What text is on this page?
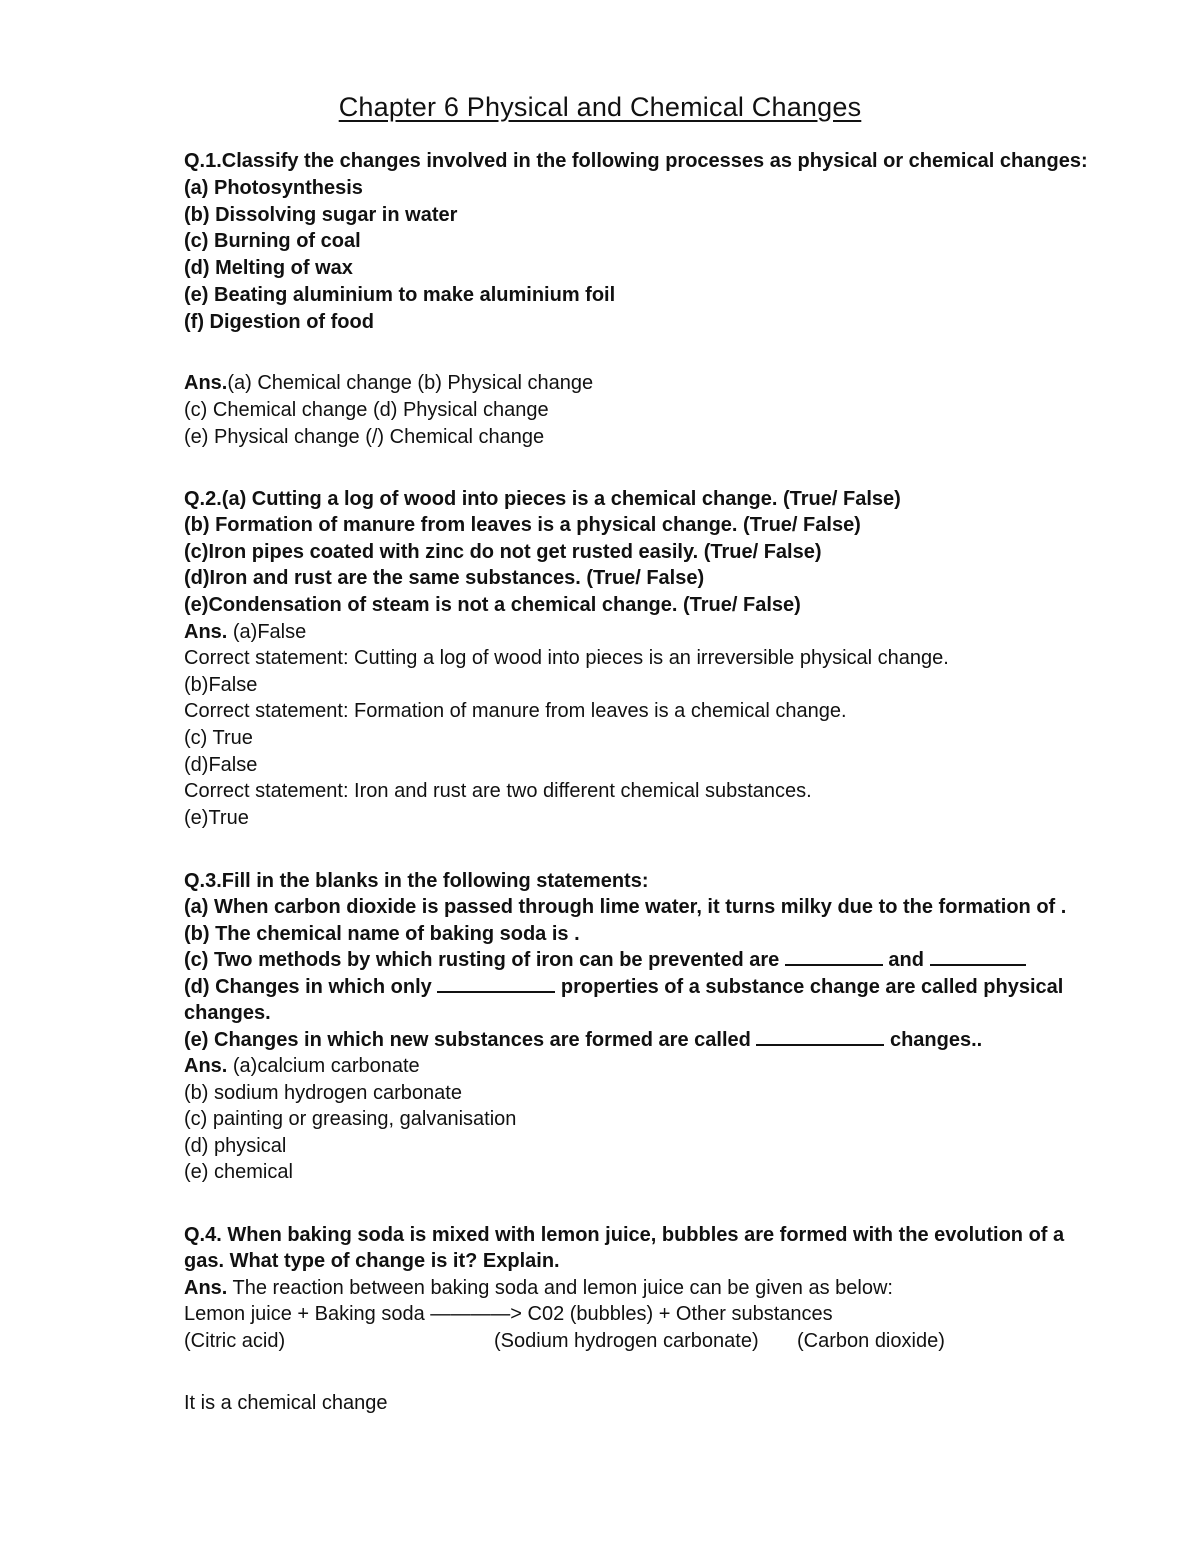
Chapter 6 Physical and Chemical Changes
Q.1.Classify the changes involved in the following processes as physical or chemical changes:
(a) Photosynthesis
(b) Dissolving sugar in water
(c) Burning of coal
(d) Melting of wax
(e) Beating aluminium to make aluminium foil
(f) Digestion of food
Ans.(a) Chemical change (b) Physical change
(c) Chemical change (d) Physical change
(e) Physical change (/) Chemical change
Q.2.(a) Cutting a log of wood into pieces is a chemical change. (True/ False)
(b) Formation of manure from leaves is a physical change. (True/ False)
(c)Iron pipes coated with zinc do not get rusted easily. (True/ False)
(d)Iron and rust are the same substances. (True/ False)
(e)Condensation of steam is not a chemical change. (True/ False)
Ans. (a)False
Correct statement: Cutting a log of wood into pieces is an irreversible physical change.
(b)False
Correct statement: Formation of manure from leaves is a chemical change.
(c) True
(d)False
Correct statement: Iron and rust are two different chemical substances.
(e)True
Q.3.Fill in the blanks in the following statements:
(a) When carbon dioxide is passed through lime water, it turns milky due to the formation of .
(b) The chemical name of baking soda is .
(c) Two methods by which rusting of iron can be prevented are	and
(d) Changes in which only	properties of a substance change are called physical
changes.
(e) Changes in which new substances are formed are called	changes..
Ans. (a)calcium carbonate
(b) sodium hydrogen carbonate
(c) painting or greasing, galvanisation
(d) physical
(e) chemical
Q.4. When baking soda is mixed with lemon juice, bubbles are formed with the evolution of a
gas. What type of change is it? Explain.
Ans. The reaction between baking soda and lemon juice can be given as below:
Lemon juice + Baking soda ————> C02 (bubbles) + Other substances
(Citric acid)	(Sodium hydrogen carbonate) (Carbon dioxide)
It is a chemical change
